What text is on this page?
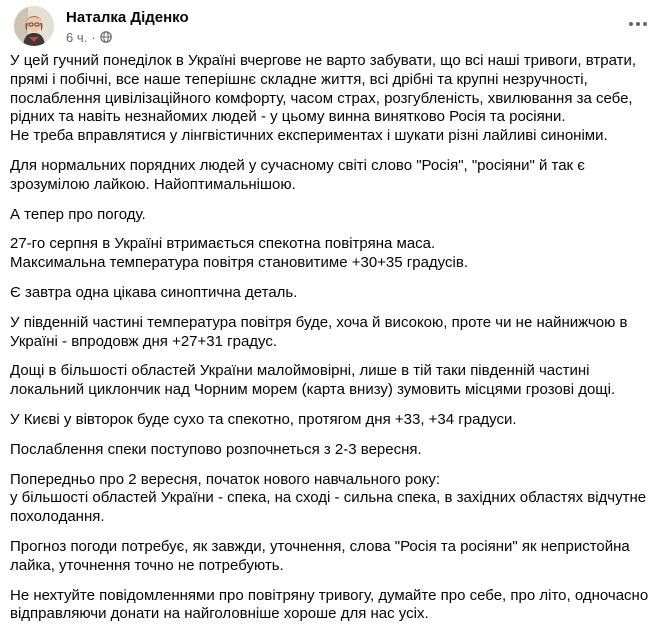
Наталка Діденко
6 ч. ·
У цей гучний понеділок в Україні вчергове не варто забувати, що всі наші тривоги, втрати,
прямі і побічні, все наше теперішнє складне життя, всі дрібні та крупні незручності,
послаблення цивілізаційного комфорту, часом страх, розгубленість, хвилювання за себе,
рідних та навіть незнайомих людей - у цьому винна винятково Росія та росіяни.
Не треба вправлятися у лінгвістичних експериментах і шукати різні лайливі синоніми.
Для нормальних порядних людей у сучасному світі слово "Росія", "росіяни" й так є
зрозумілою лайкою. Найоптимальнішою.
А тепер про погоду.
27-го серпня в Україні втримається спекотна повітряна маса.
Максимальна температура повітря становитиме +30+35 градусів.
Є завтра одна цікава синоптична деталь.
У південній частині температура повітря буде, хоча й високою, проте чи не найнижчою в
Україні - впродовж дня +27+31 градус.
Дощі в більшості областей України малоймовірні, лише в тій таки південній частині
локальний циклончик над Чорним морем (карта внизу) зумовить місцями грозові дощі.
У Києві у вівторок буде сухо та спекотно, протягом дня +33, +34 градуси.
Послаблення спеки поступово розпочнеться з 2-3 вересня.
Попередньо про 2 вересня, початок нового навчального року:
у більшості областей України - спека, на сході - сильна спека, в західних областях відчутне
похолодання.
Прогноз погоди потребує, як завжди, уточнення, слова "Росія та росіяни" як непристойна
лайка, уточнення точно не потребують.
Не нехтуйте повідомленнями про повітряну тривогу, думайте про себе, про літо, одночасно
відправляючи донати на найголовніше хороше для нас усіх.
